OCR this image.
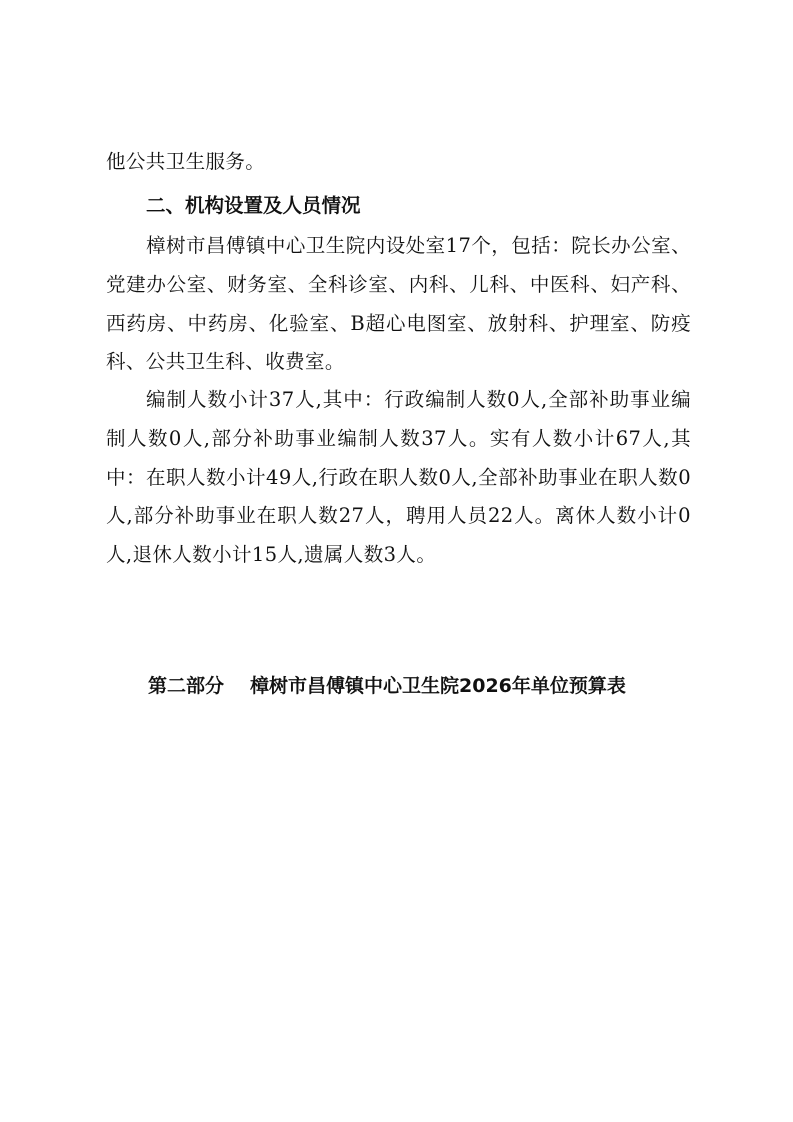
他公共卫生服务。

二、机构设置及人员情况

樟树市昌傅镇中心卫生院内设处室17个，包括：院长办公室、党建办公室、财务室、全科诊室、内科、儿科、中医科、妇产科、西药房、中药房、化验室、B超心电图室、放射科、护理室、防疫科、公共卫生科、收费室。

编制人数小计37人,其中：行政编制人数0人,全部补助事业编制人数0人,部分补助事业编制人数37人。实有人数小计67人,其中：在职人数小计49人,行政在职人数0人,全部补助事业在职人数0人,部分补助事业在职人数27人，聘用人员22人。离休人数小计0人,退休人数小计15人,遗属人数3人。

第二部分 樟树市昌傅镇中心卫生院2026年单位预算表
